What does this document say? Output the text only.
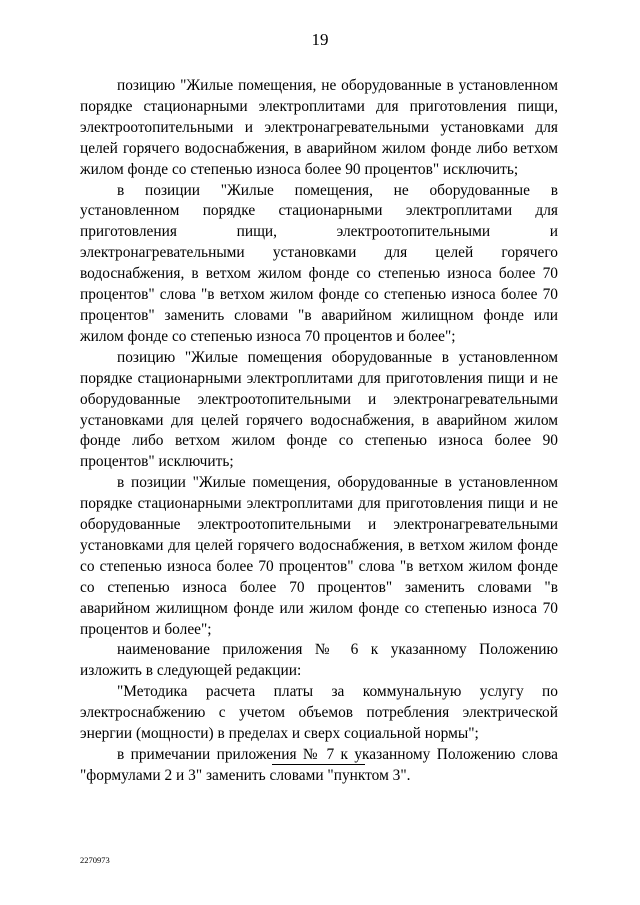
19

позицию "Жилые помещения, не оборудованные в установленном порядке стационарными электроплитами для приготовления пищи, электроотопительными и электронагревательными установками для целей горячего водоснабжения, в аварийном жилом фонде либо ветхом жилом фонде со степенью износа более 90 процентов" исключить;

в позиции "Жилые помещения, не оборудованные в установленном порядке стационарными электроплитами для приготовления пищи, электроотопительными и электронагревательными установками для целей горячего водоснабжения, в ветхом жилом фонде со степенью износа более 70 процентов" слова "в ветхом жилом фонде со степенью износа более 70 процентов" заменить словами "в аварийном жилищном фонде или жилом фонде со степенью износа 70 процентов и более";

позицию "Жилые помещения оборудованные в установленном порядке стационарными электроплитами для приготовления пищи и не оборудованные электроотопительными и электронагревательными установками для целей горячего водоснабжения, в аварийном жилом фонде либо ветхом жилом фонде со степенью износа более 90 процентов" исключить;

в позиции "Жилые помещения, оборудованные в установленном порядке стационарными электроплитами для приготовления пищи и не оборудованные электроотопительными и электронагревательными установками для целей горячего водоснабжения, в ветхом жилом фонде со степенью износа более 70 процентов" слова "в ветхом жилом фонде со степенью износа более 70 процентов" заменить словами "в аварийном жилищном фонде или жилом фонде со степенью износа 70 процентов и более";

наименование приложения № 6 к указанному Положению изложить в следующей редакции:

"Методика расчета платы за коммунальную услугу по электроснабжению с учетом объемов потребления электрической энергии (мощности) в пределах и сверх социальной нормы";

в примечании приложения № 7 к указанному Положению слова "формулами 2 и 3" заменить словами "пунктом 3".

2270973
